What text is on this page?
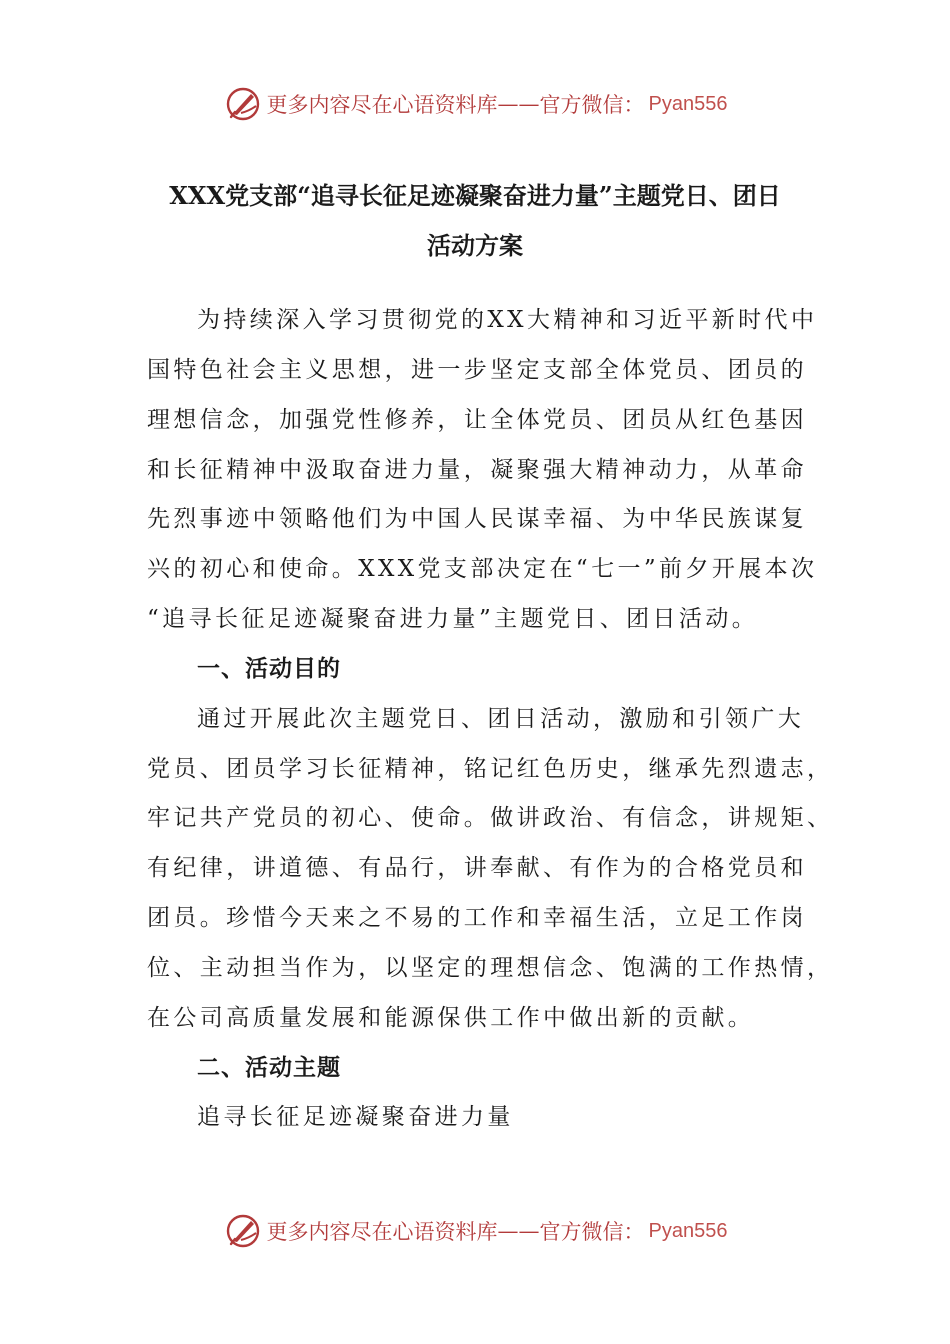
更多内容尽在心语资料库 —— 官方微信： Pyan556
XXX党支部“追寻长征足迹凝聚奋进力量”主题党日、团日
活动方案
为持续深入学习贯彻党的XX大精神和习近平新时代中
国特色社会主义思想，进一步坚定支部全体党员、团员的
理想信念，加强党性修养，让全体党员、团员从红色基因
和长征精神中汲取奋进力量，凝聚强大精神动力，从革命
先烈事迹中领略他们为中国人民谋幸福、为中华民族谋复
兴的初心和使命。XXX党支部决定在“七一”前夕开展本次
“追寻长征足迹凝聚奋进力量”主题党日、团日活动。
一、活动目的
通过开展此次主题党日、团日活动，激励和引领广大
党员、团员学习长征精神，铭记红色历史，继承先烈遗志，
牢记共产党员的初心、使命。做讲政治、有信念，讲规矩、
有纪律，讲道德、有品行，讲奉献、有作为的合格党员和
团员。珍惜今天来之不易的工作和幸福生活，立足工作岗
位、主动担当作为，以坚定的理想信念、饱满的工作热情，
在公司高质量发展和能源保供工作中做出新的贡献。
二、活动主题
追寻长征足迹凝聚奋进力量
更多内容尽在心语资料库 —— 官方微信： Pyan556
